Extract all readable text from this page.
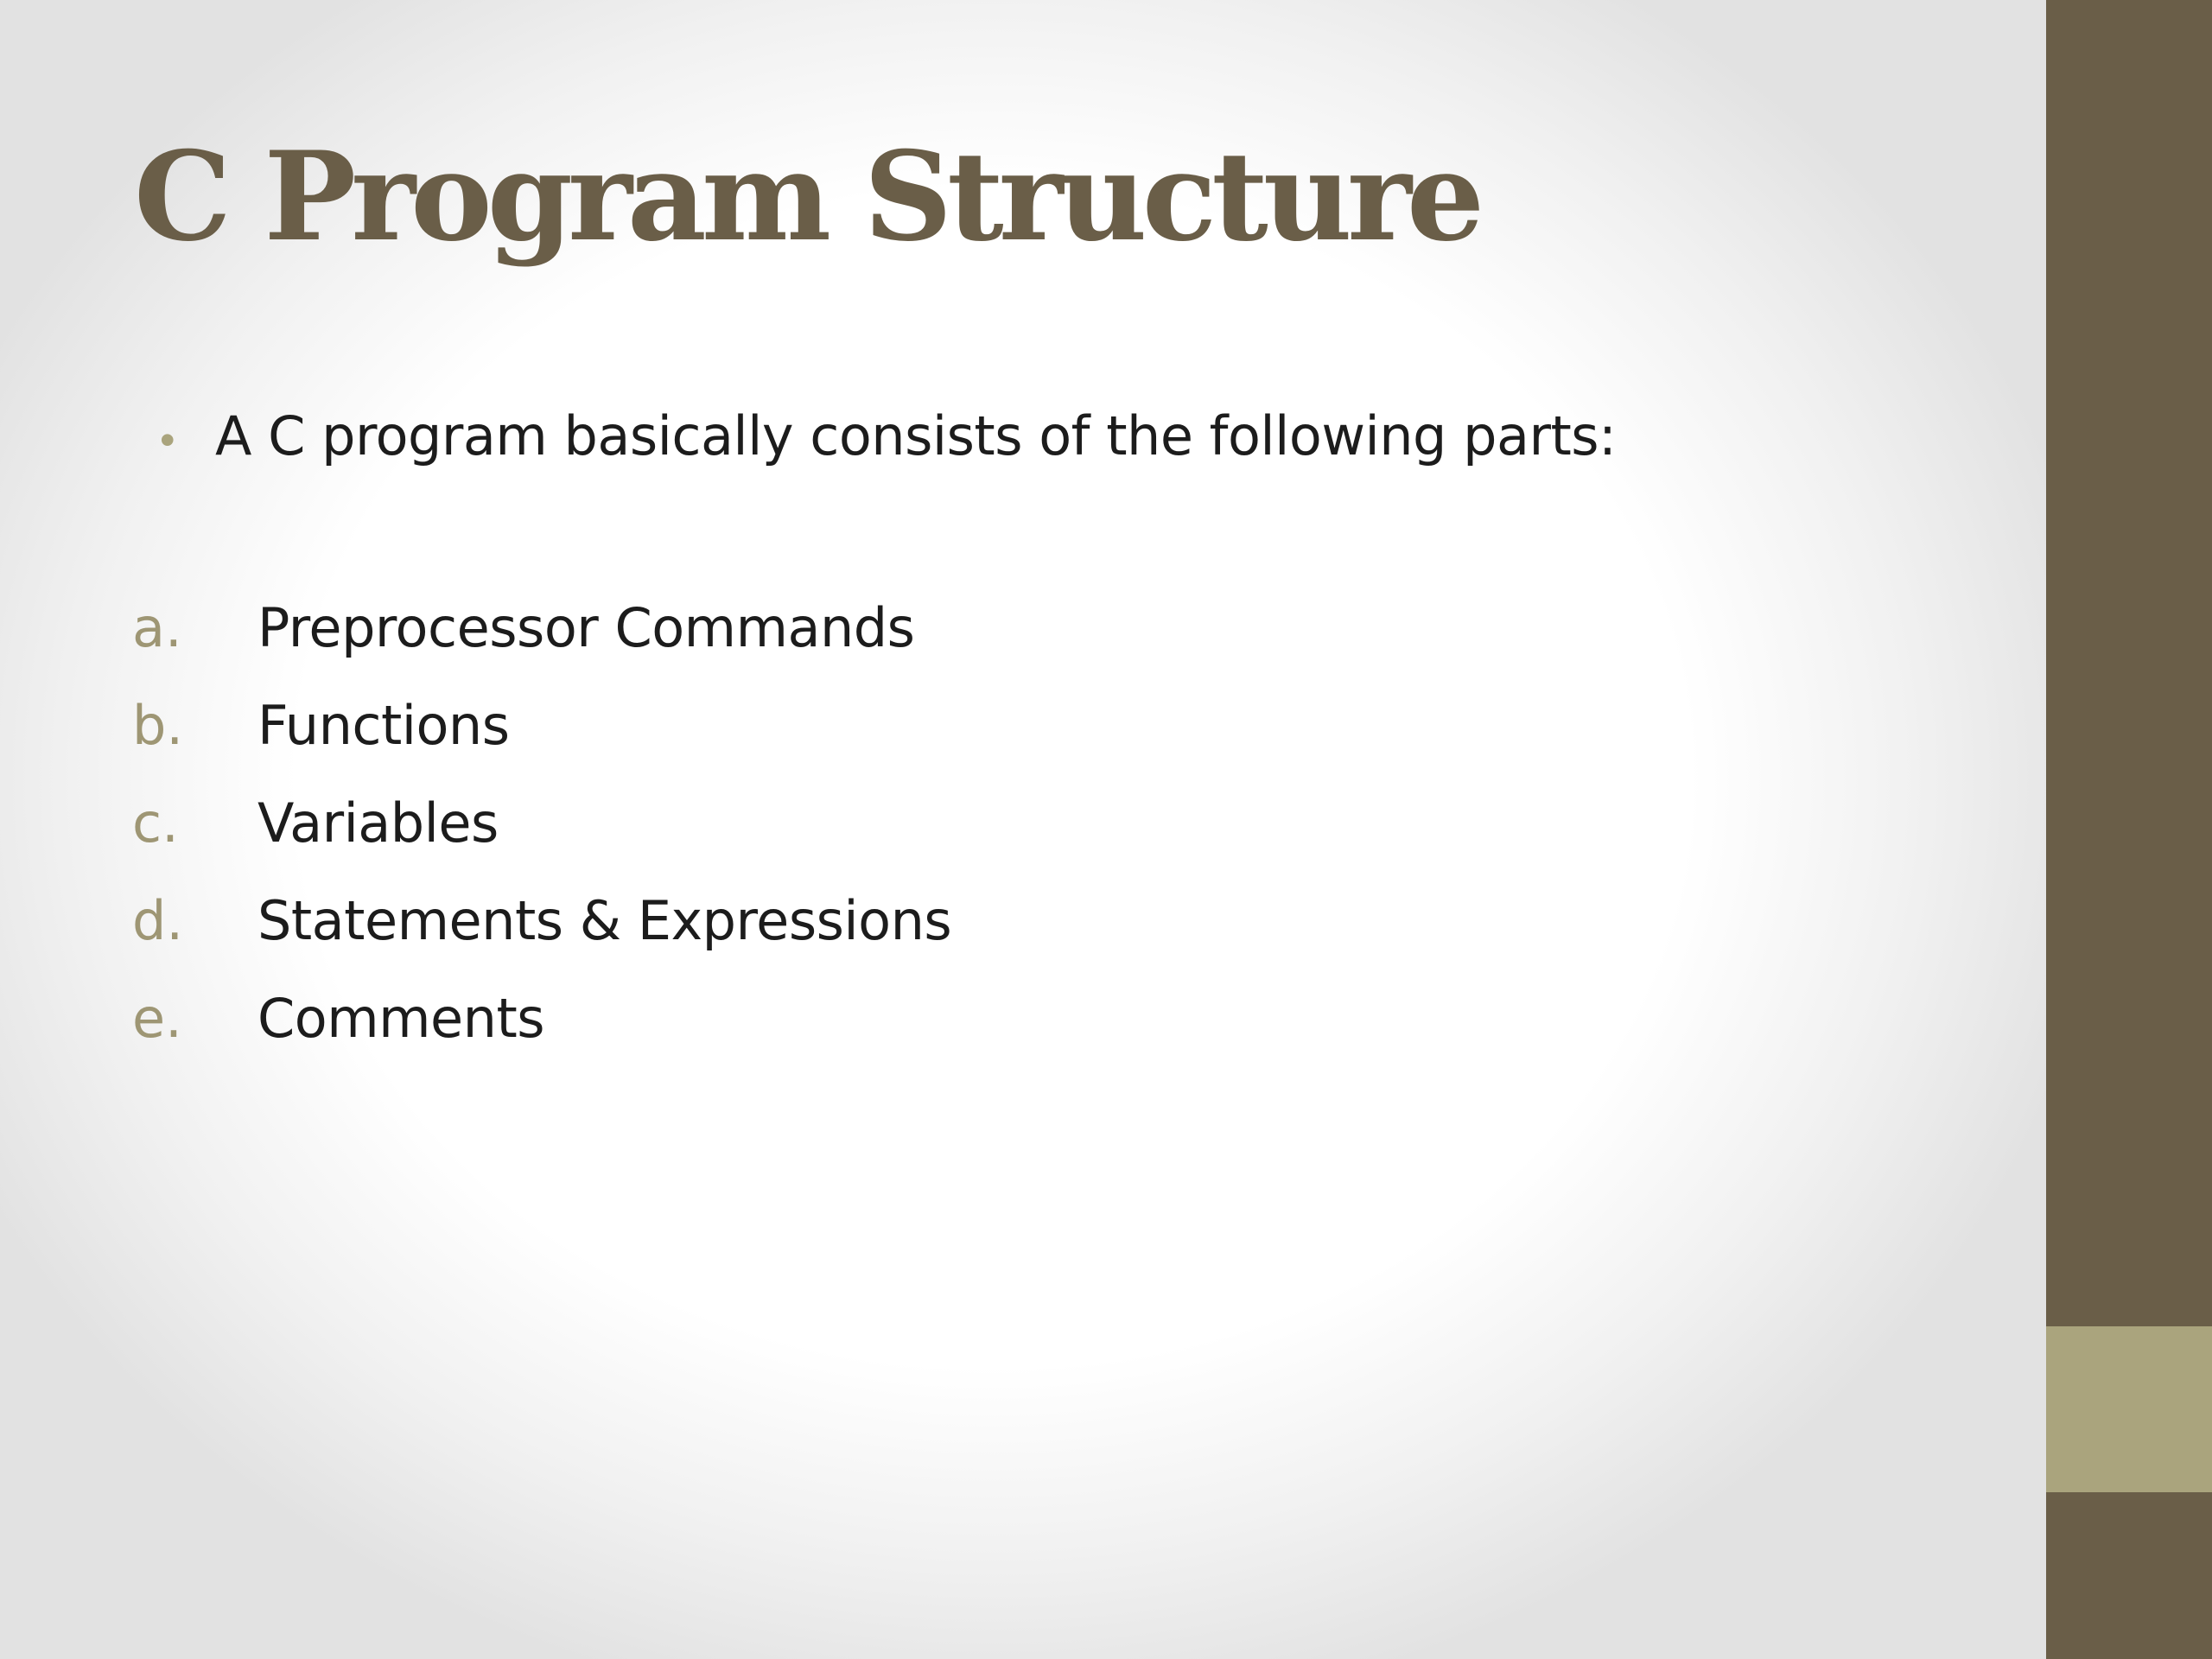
C Program Structure
• A C program basically consists of the following parts:
a.	Preprocessor Commands
b.	Functions
c.	Variables
d.	Statements & Expressions
e.	Comments
